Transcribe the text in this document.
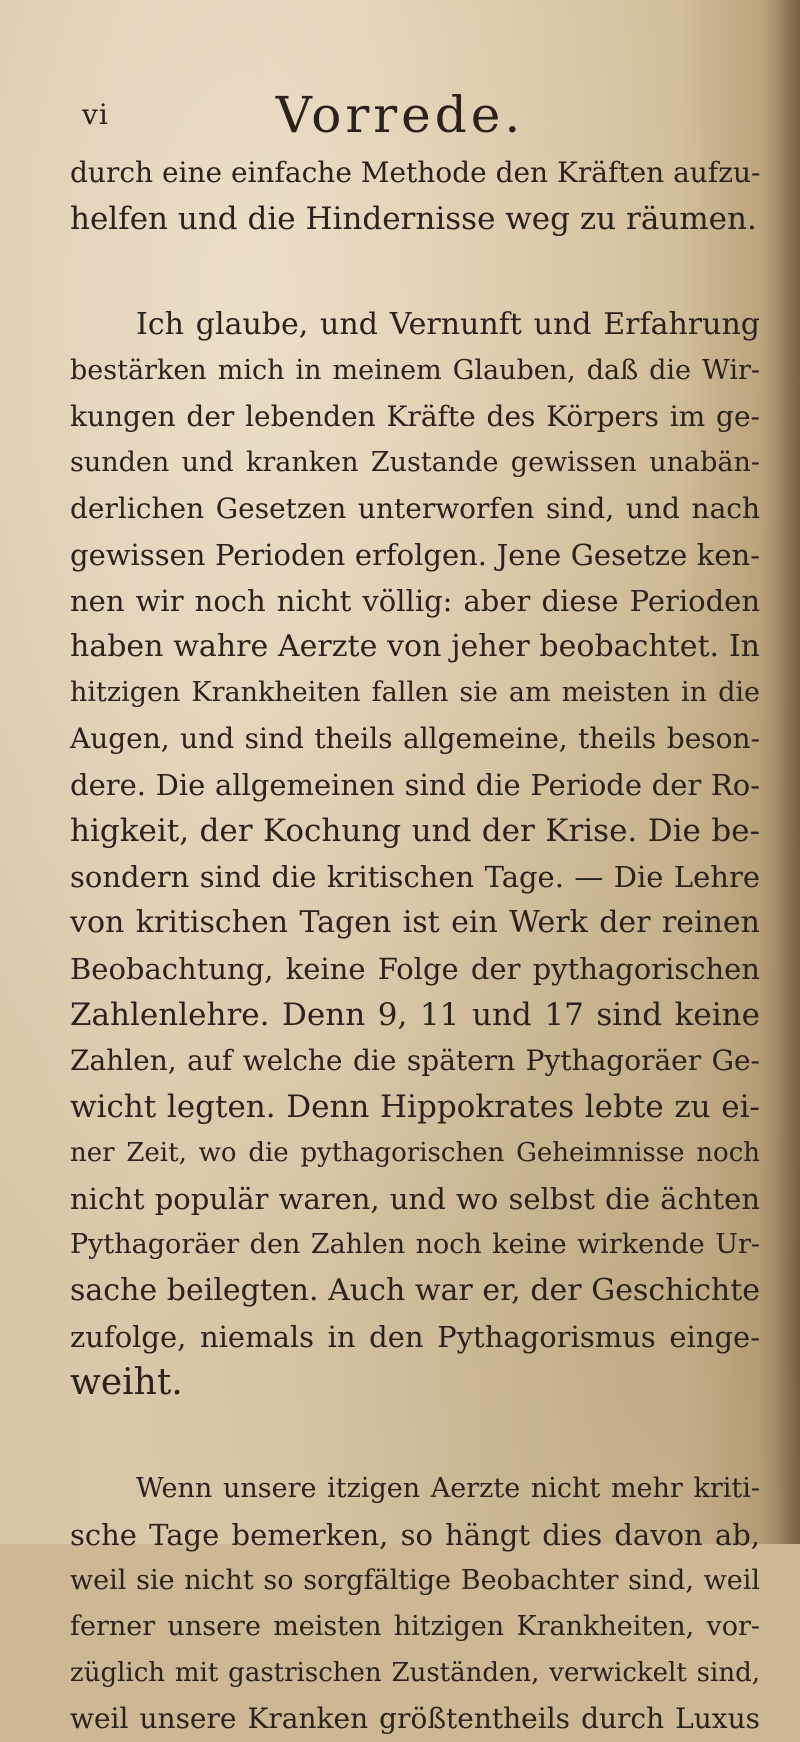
vi	Vorrede.
durch eine einfache Methode den Kräften aufzu-
helfen und die Hindernisse weg zu räumen.
Ich glaube, und Vernunft und Erfahrung
bestärken mich in meinem Glauben, daß die Wir-
kungen der lebenden Kräfte des Körpers im ge-
sunden und kranken Zustande gewissen unabän-
derlichen Gesetzen unterworfen sind, und nach
gewissen Perioden erfolgen. Jene Gesetze ken-
nen wir noch nicht völlig: aber diese Perioden
haben wahre Aerzte von jeher beobachtet. In
hitzigen Krankheiten fallen sie am meisten in die
Augen, und sind theils allgemeine, theils beson-
dere. Die allgemeinen sind die Periode der Ro-
higkeit, der Kochung und der Krise. Die be-
sondern sind die kritischen Tage. — Die Lehre
von kritischen Tagen ist ein Werk der reinen
Beobachtung, keine Folge der pythagorischen
Zahlenlehre. Denn 9, 11 und 17 sind keine
Zahlen, auf welche die spätern Pythagoräer Ge-
wicht legten. Denn Hippokrates lebte zu ei-
ner Zeit, wo die pythagorischen Geheimnisse noch
nicht populär waren, und wo selbst die ächten
Pythagoräer den Zahlen noch keine wirkende Ur-
sache beilegten. Auch war er, der Geschichte
zufolge, niemals in den Pythagorismus einge-
weiht.
Wenn unsere itzigen Aerzte nicht mehr kriti-
sche Tage bemerken, so hängt dies davon ab,
weil sie nicht so sorgfältige Beobachter sind, weil
ferner unsere meisten hitzigen Krankheiten, vor-
züglich mit gastrischen Zuständen, verwickelt sind,
weil unsere Kranken größtentheils durch Luxus
